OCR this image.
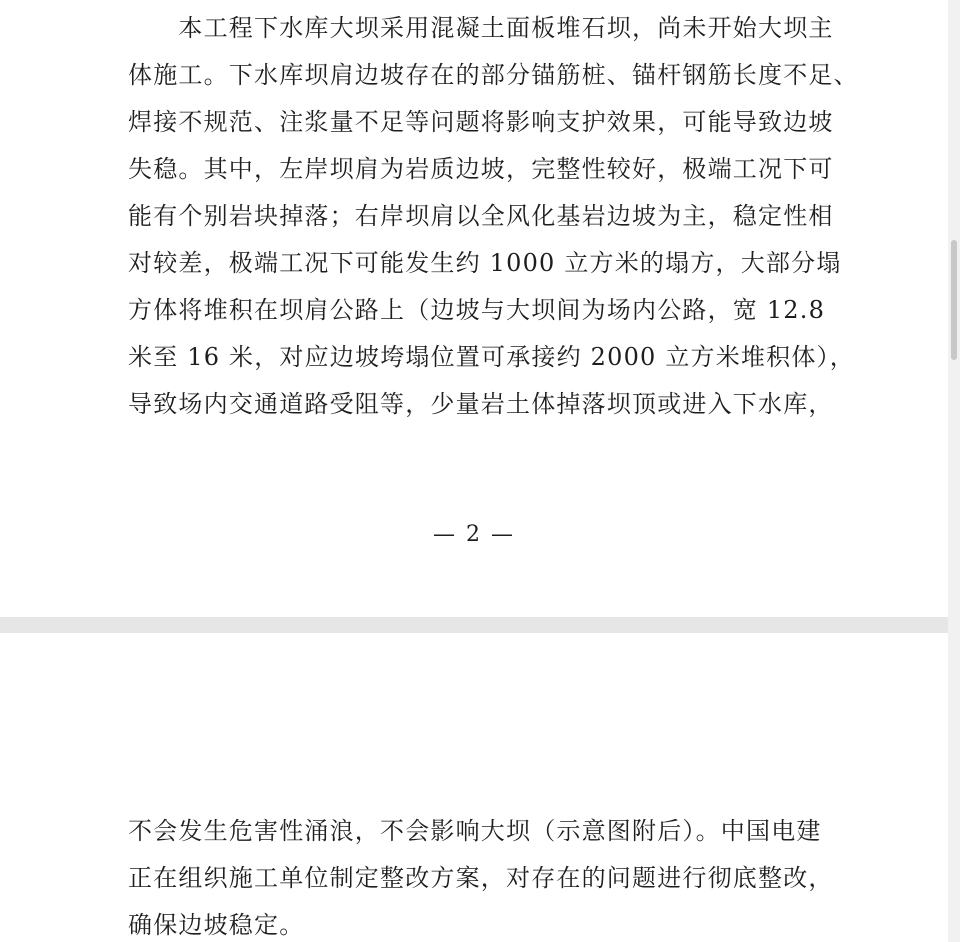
— 2 —
　　本工程下水库大坝采用混凝土面板堆石坝，尚未开始大坝主
体施工。下水库坝肩边坡存在的部分锚筋桩、锚杆钢筋长度不足、
焊接不规范、注浆量不足等问题将影响支护效果，可能导致边坡
失稳。其中，左岸坝肩为岩质边坡，完整性较好，极端工况下可
能有个别岩块掉落；右岸坝肩以全风化基岩边坡为主，稳定性相
对较差，极端工况下可能发生约 1000 立方米的塌方，大部分塌
方体将堆积在坝肩公路上（边坡与大坝间为场内公路，宽 12.8
米至 16 米，对应边坡垮塌位置可承接约 2000 立方米堆积体），
导致场内交通道路受阻等，少量岩土体掉落坝顶或进入下水库，
不会发生危害性涌浪，不会影响大坝（示意图附后）。中国电建
正在组织施工单位制定整改方案，对存在的问题进行彻底整改，
确保边坡稳定。
